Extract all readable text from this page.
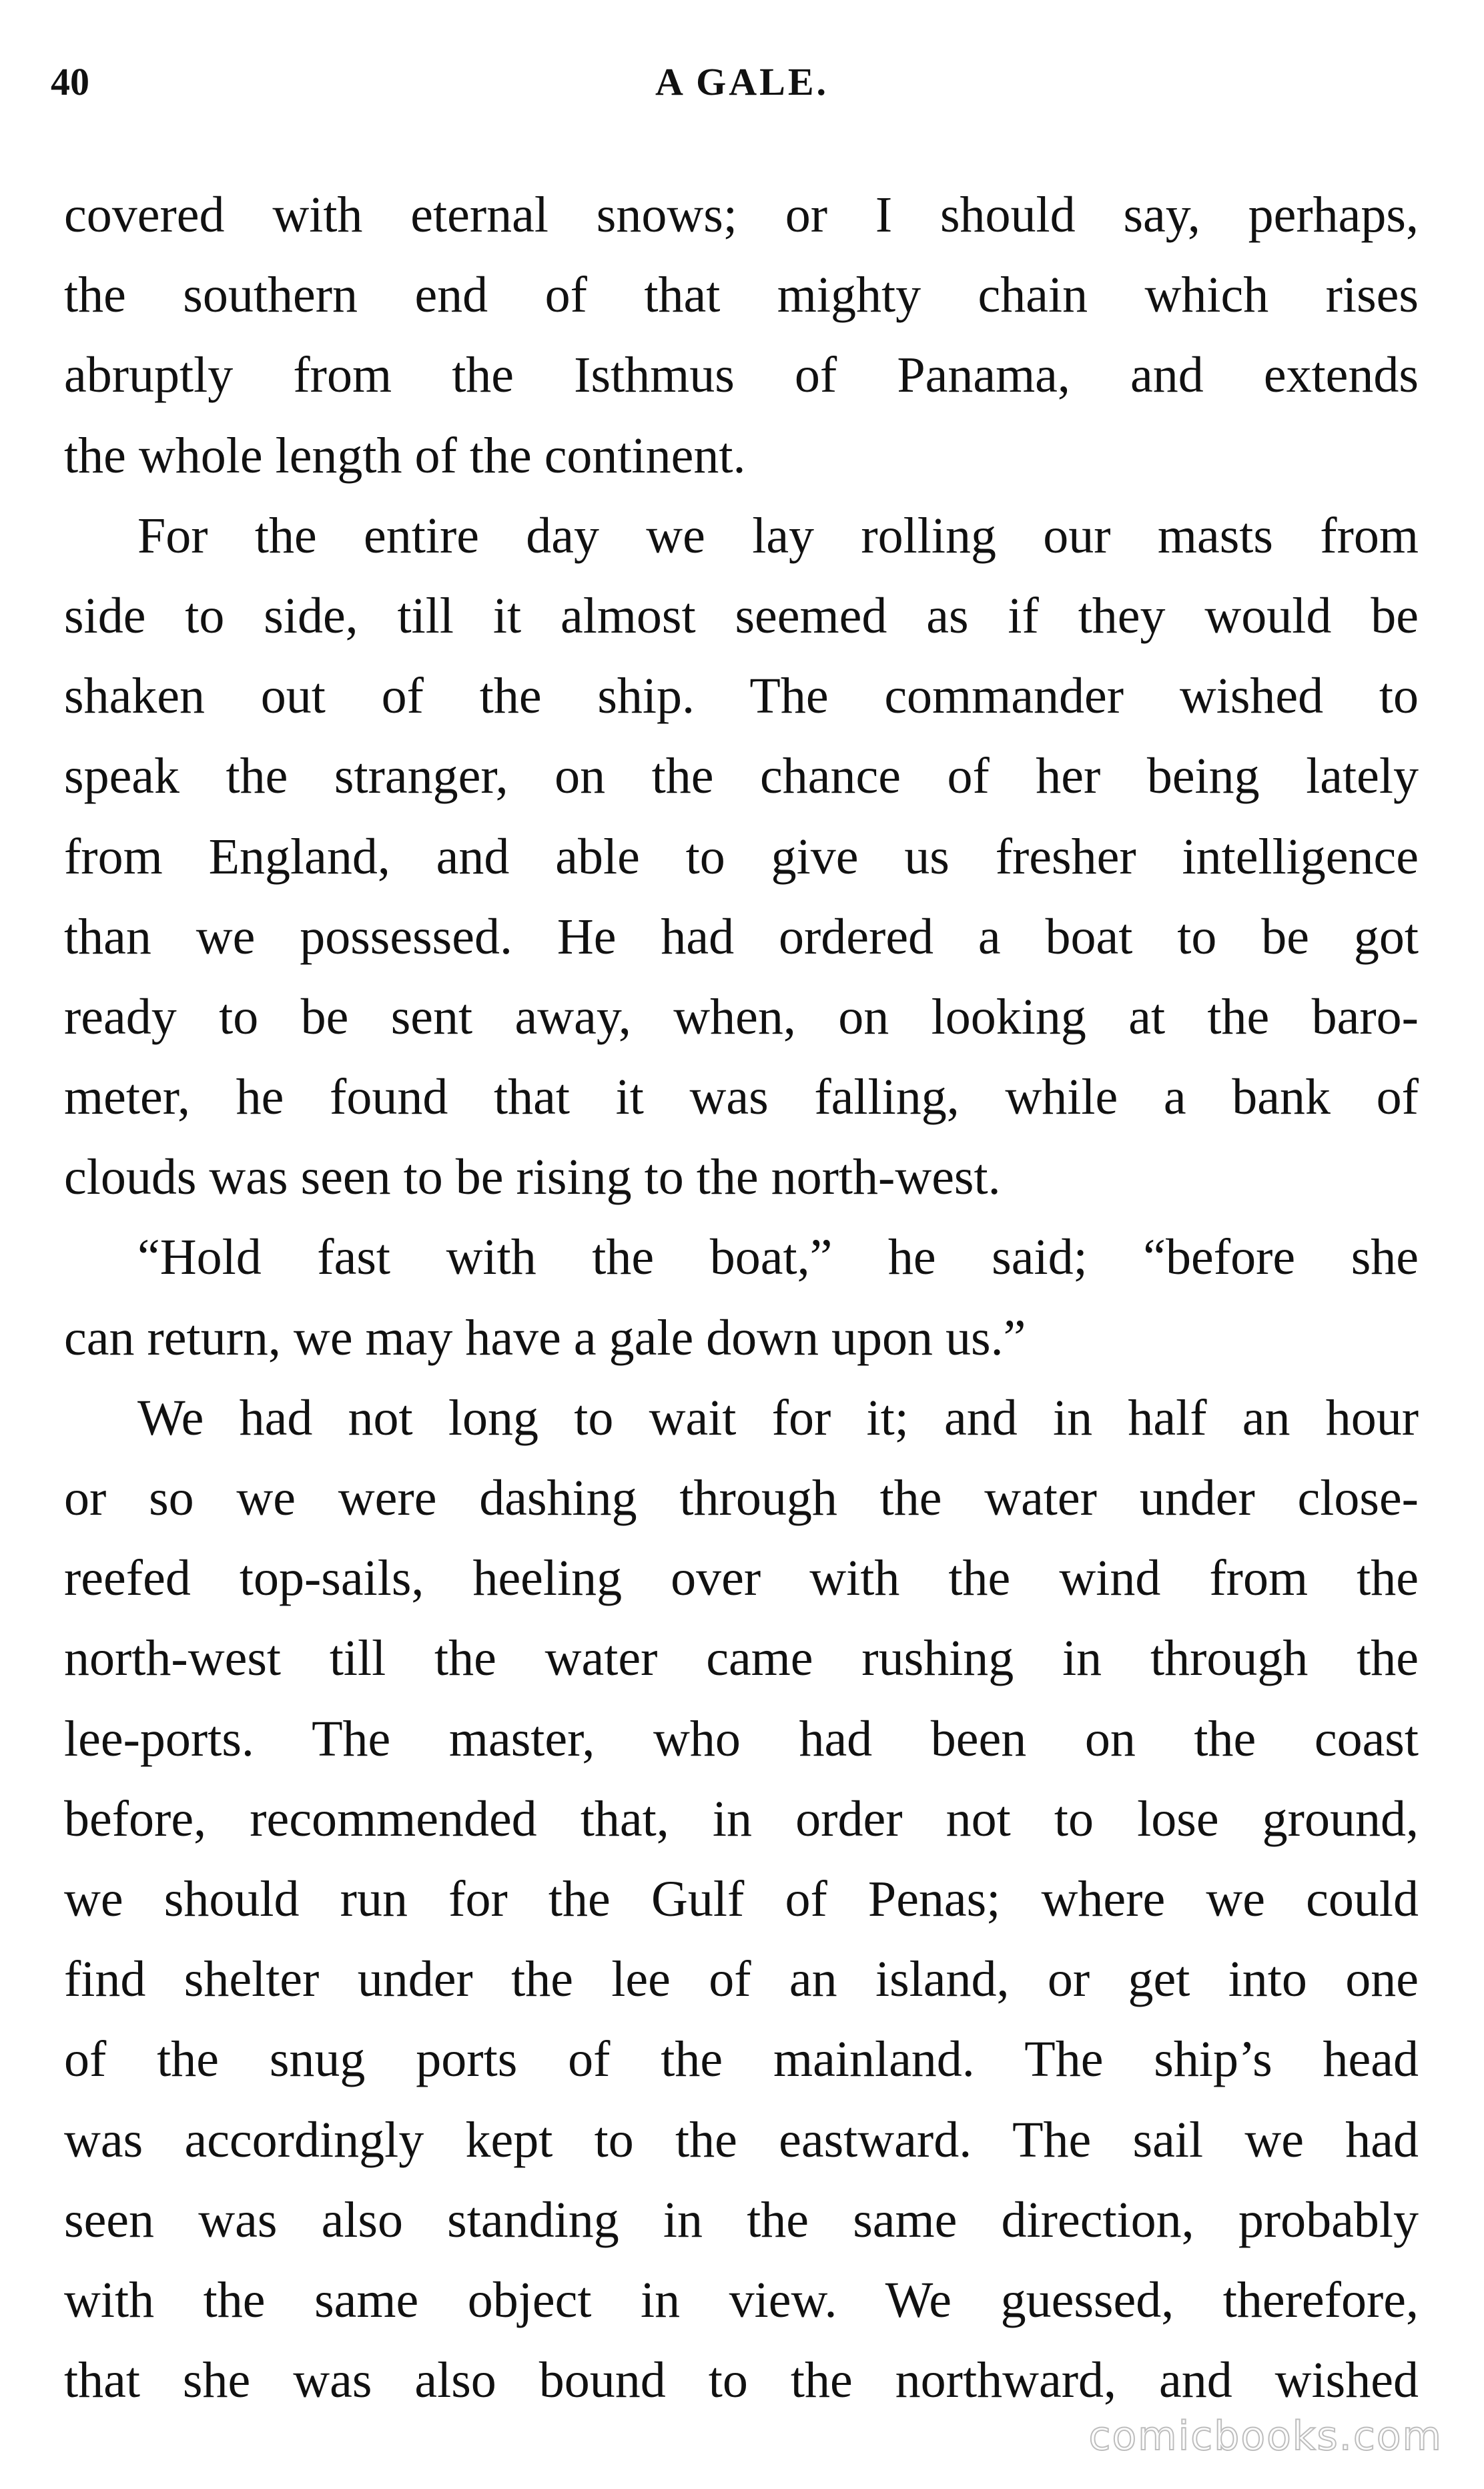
40	A GALE.
covered with eternal snows; or I should say, perhaps,
the southern end of that mighty chain which rises
abruptly from the Isthmus of Panama, and extends
the whole length of the continent.
For the entire day we lay rolling our masts from
side to side, till it almost seemed as if they would be
shaken out of the ship. The commander wished to
speak the stranger, on the chance of her being lately
from England, and able to give us fresher intelligence
than we possessed. He had ordered a boat to be got
ready to be sent away, when, on looking at the baro-
meter, he found that it was falling, while a bank of
clouds was seen to be rising to the north-west.
“Hold fast with the boat,” he said; “before she
can return, we may have a gale down upon us.”
We had not long to wait for it; and in half an hour
or so we were dashing through the water under close-
reefed top-sails, heeling over with the wind from the
north-west till the water came rushing in through the
lee-ports. The master, who had been on the coast
before, recommended that, in order not to lose ground,
we should run for the Gulf of Penas; where we could
find shelter under the lee of an island, or get into one
of the snug ports of the mainland. The ship’s head
was accordingly kept to the eastward. The sail we had
seen was also standing in the same direction, probably
with the same object in view. We guessed, therefore,
that she was also bound to the northward, and wished
comicbooks.com
